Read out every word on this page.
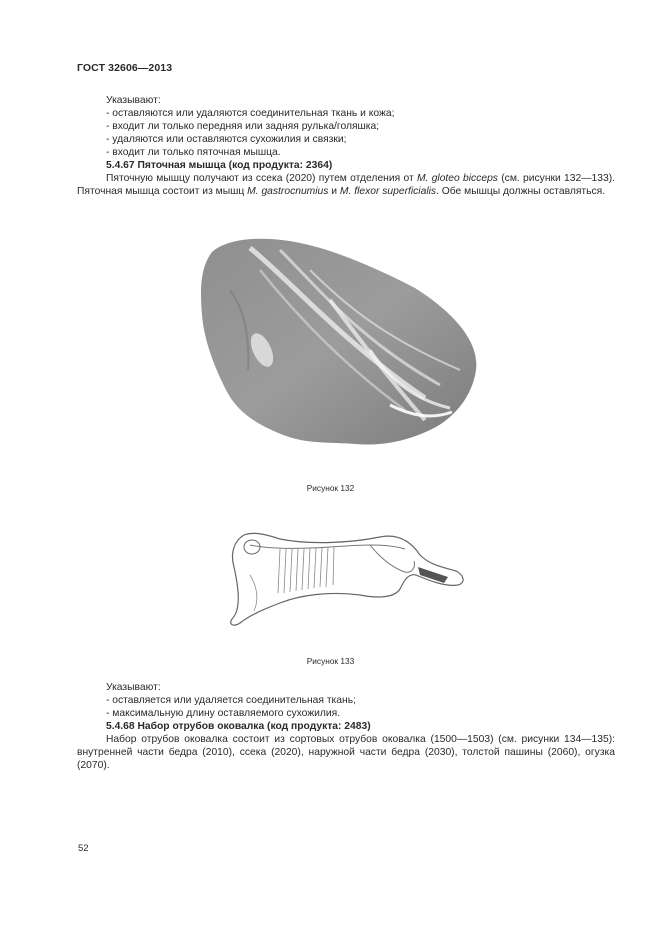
ГОСТ 32606—2013
Указывают:
- оставляются или удаляются соединительная ткань и кожа;
- входит ли только передняя или задняя рулька/голяшка;
- удаляются или оставляются сухожилия и связки;
- входит ли только пяточная мышца.
5.4.67 Пяточная мышца (код продукта: 2364)
Пяточную мышцу получают из ссека (2020) путем отделения от M. gloteo bicceps (см. рисунки 132—133). Пяточная мышца состоит из мышц M. gastrocnumius и M. flexor superficialis. Обе мышцы должны оставляться.
Рисунок 132
Рисунок 133
Указывают:
- оставляется или удаляется соединительная ткань;
- максимальную длину оставляемого сухожилия.
5.4.68 Набор отрубов оковалка (код продукта: 2483)
Набор отрубов оковалка состоит из сортовых отрубов оковалка (1500—1503) (см. рисунки 134—135): внутренней части бедра (2010), ссека (2020), наружной части бедра (2030), толстой пашины (2060), огузка (2070).
52
